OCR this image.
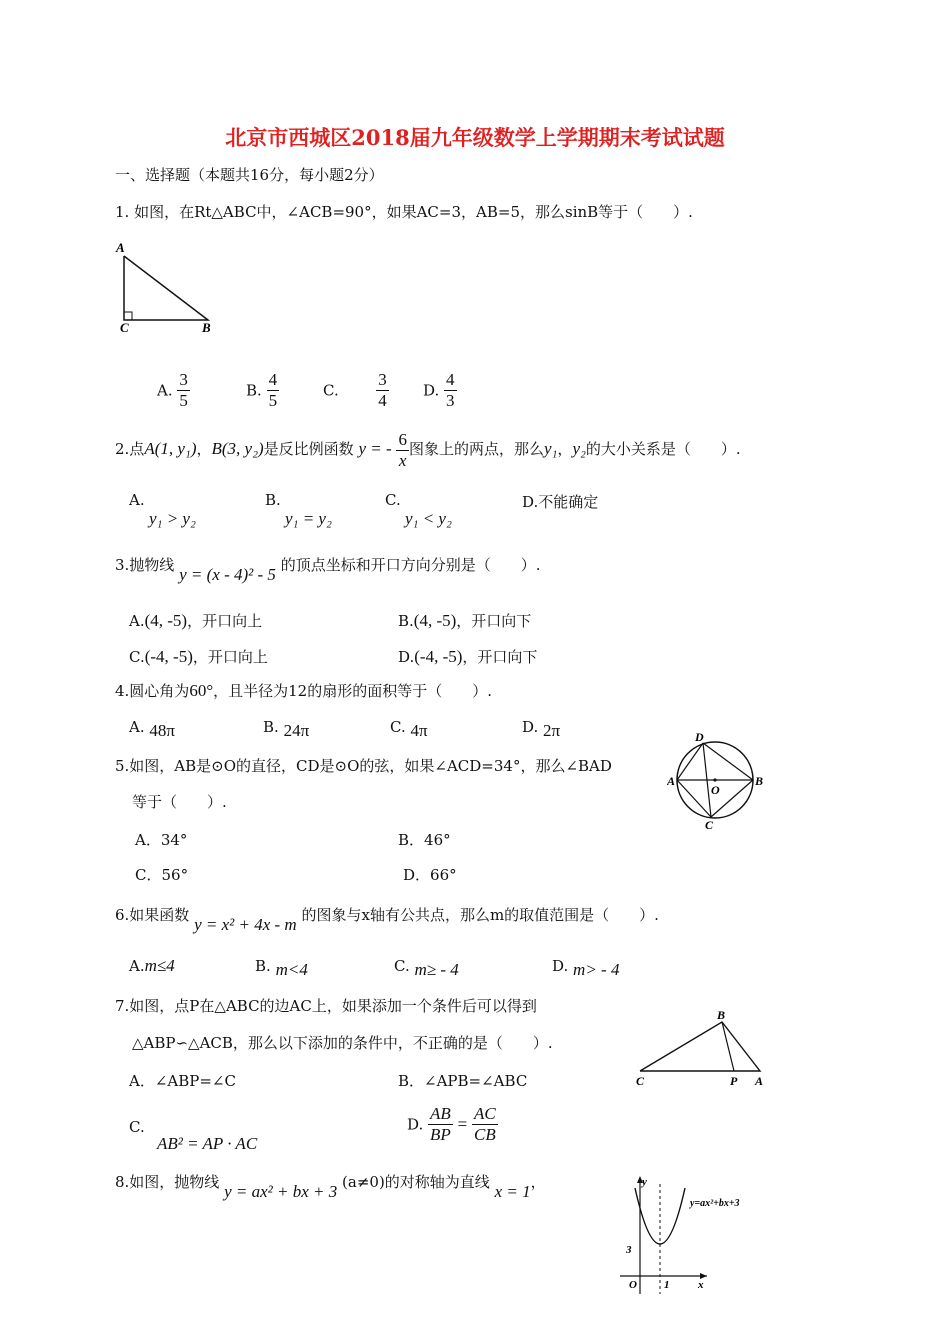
北京市西城区2018届九年级数学上学期期末考试试题
一、选择题（本题共16分，每小题2分）
1. 如图，在Rt△ABC中，∠ACB=90°，如果AC=3，AB=5，那么sinB等于（　　）.
A
C	B
A. $\frac{3}{5}$	B. $\frac{4}{5}$	C. $\frac{3}{4} D$. $\frac{4}{3}$
2.点A(1, y₁)，B(3, y₂)是反比例函数 y = - $\frac{6}{x}$ 图象上的两点，那么y₁，y₂的大小关系是（　　）.
A.
y₁ > y₂
B.
y₁ = y₂
C.
y₁ < y₂
D.不能确定
3.抛物线 y = (x - 4)² - 5 的顶点坐标和开口方向分别是（　　）.
A.(4, -5)，开口向上	B.(4, -5)，开口向下
C.(-4, -5)，开口向上	D.(-4, -5)，开口向下
4.圆心角为60°，且半径为12的扇形的面积等于（　　）.
A. 48π	B. 24π	C. 4π	D. 2π
5.如图，AB是⊙O的直径，CD是⊙O的弦，如果∠ACD=34°，那么∠BAD
等于（　　）.
D
A
O
B
C
A．34°	B．46°
C．56°	D．66°
6.如果函数 y = x² + 4x - m 的图象与x轴有公共点，那么m的取值范围是（　　）.
A.m≤4	B. m<4	C. m≥ - 4	D. m> - 4
7.如图，点P在△ABC的边AC上，如果添加一个条件后可以得到
△ABP∽△ACB，那么以下添加的条件中，不正确的是（　　）.
B
C	P A
A．∠ABP=∠C	B．∠APB=∠ABC
C.
AB² = AP · AC
D. $\frac{AB}{BP} = \frac{AC}{CB}$
8.如图，抛物线 y = ax² + bx + 3 (a≠0)的对称轴为直线 x = 1，	y
y=ax²+bx+3
3
O 1	x
